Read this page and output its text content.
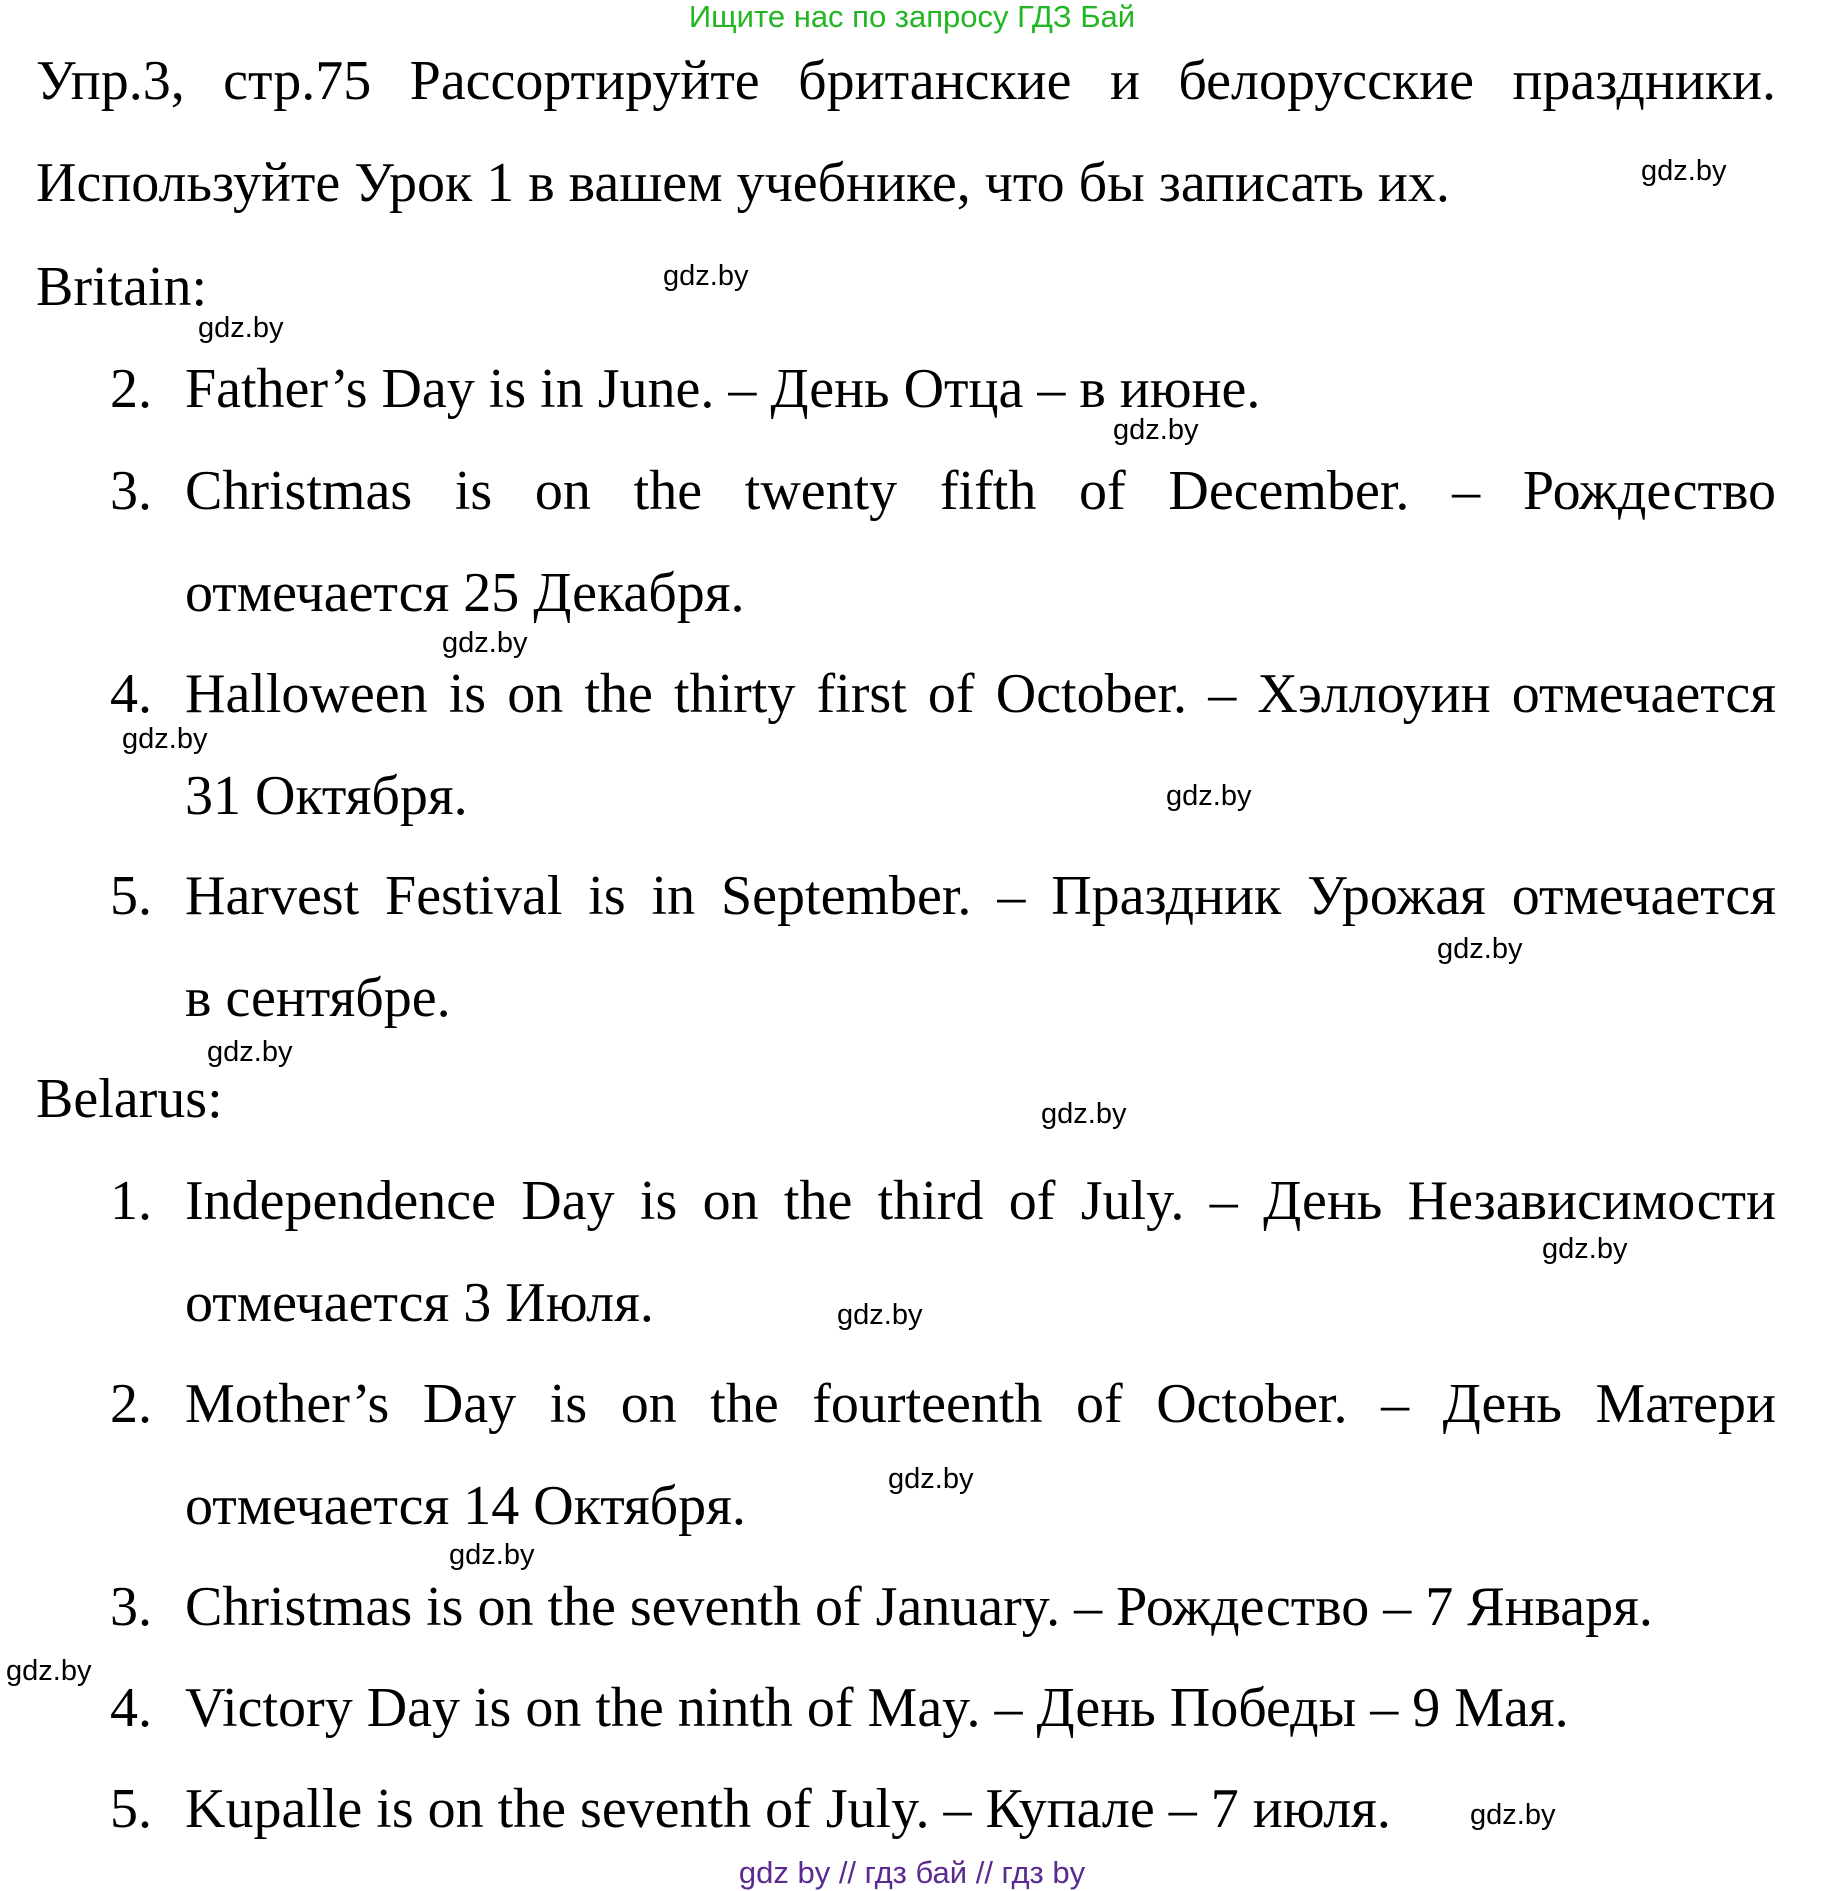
Ищите нас по запросу ГДЗ Бай
Упр.3, стр.75 Рассортируйте британские и белорусские праздники.
Используйте Урок 1 в вашем учебнике, что бы записать их.
Britain:
2. Father’s Day is in June. – День Отца – в июне.
3. Christmas is on the twenty fifth of December. – Рождество
отмечается 25 Декабря.
4. Halloween is on the thirty first of October. – Хэллоуин отмечается
31 Октября.
5. Harvest Festival is in September. – Праздник Урожая отмечается
в сентябре.
Belarus:
1. Independence Day is on the third of July. – День Независимости
отмечается 3 Июля.
2. Mother’s Day is on the fourteenth of October. – День Матери
отмечается 14 Октября.
3. Christmas is on the seventh of January. – Рождество – 7 Января.
4. Victory Day is on the ninth of May. – День Победы – 9 Мая.
5. Kupalle is on the seventh of July. – Купале – 7 июля.
gdz.by
gdz.by
gdz.by
gdz.by
gdz.by
gdz.by
gdz.by
gdz.by
gdz.by
gdz.by
gdz.by
gdz.by
gdz.by
gdz.by
gdz.by
gdz.by
gdz by // гдз бай // гдз by
